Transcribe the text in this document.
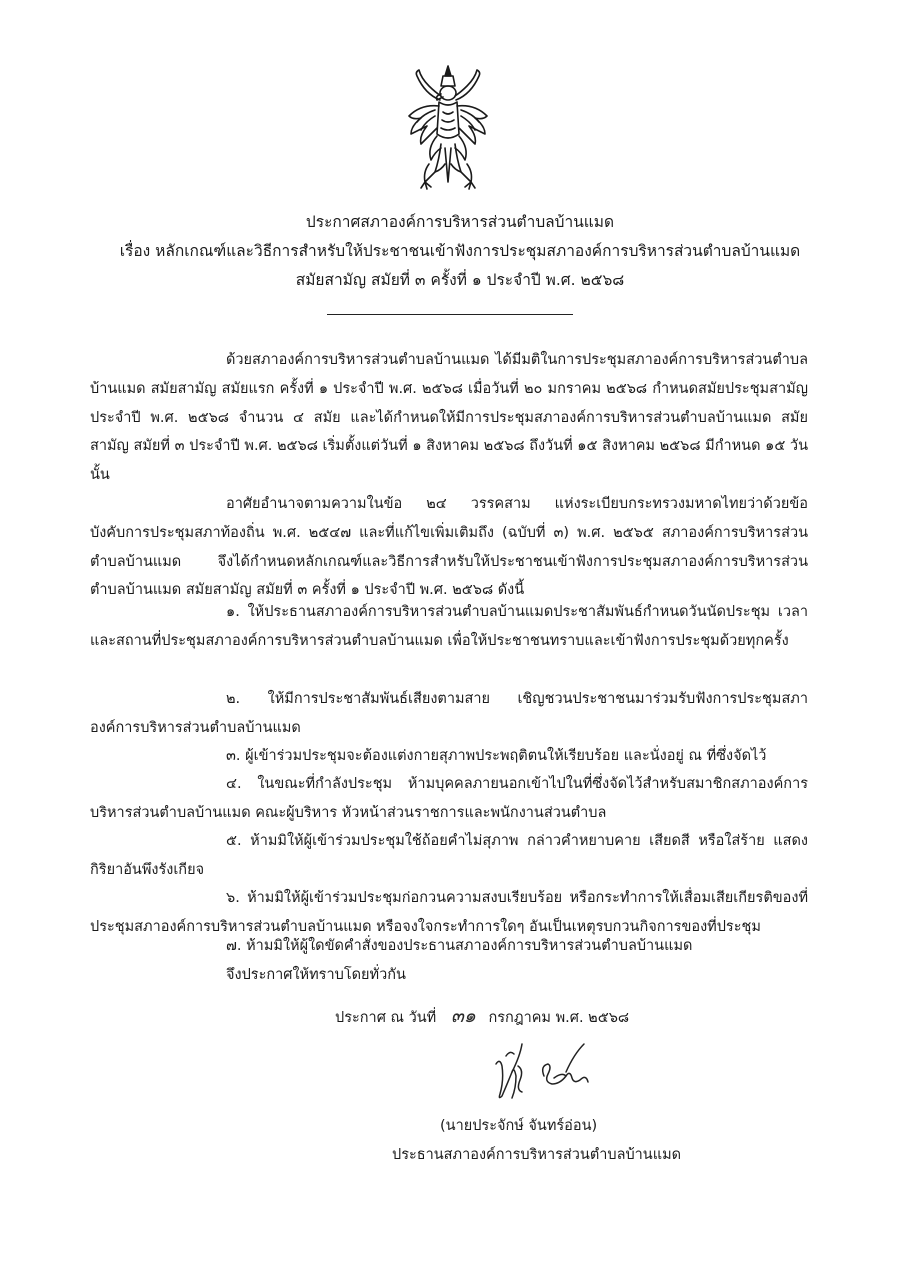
ประกาศสภาองค์การบริหารส่วนตำบลบ้านแมด
เรื่อง หลักเกณฑ์และวิธีการสำหรับให้ประชาชนเข้าฟังการประชุมสภาองค์การบริหารส่วนตำบลบ้านแมด
สมัยสามัญ สมัยที่ ๓ ครั้งที่ ๑ ประจำปี พ.ศ. ๒๕๖๘
ด้วยสภาองค์การบริหารส่วนตำบลบ้านแมด ได้มีมติในการประชุมสภาองค์การบริหารส่วนตำบลบ้านแมด สมัยสามัญ สมัยแรก ครั้งที่ ๑ ประจำปี พ.ศ. ๒๕๖๘ เมื่อวันที่ ๒๐ มกราคม ๒๕๖๘ กำหนดสมัยประชุมสามัญ ประจำปี พ.ศ. ๒๕๖๘ จำนวน ๔ สมัย และได้กำหนดให้มีการประชุมสภาองค์การบริหารส่วนตำบลบ้านแมด สมัยสามัญ สมัยที่ ๓ ประจำปี พ.ศ. ๒๕๖๘ เริ่มตั้งแต่วันที่ ๑ สิงหาคม ๒๕๖๘ ถึงวันที่ ๑๕ สิงหาคม ๒๕๖๘ มีกำหนด ๑๕ วัน นั้น
อาศัยอำนาจตามความในข้อ ๒๔ วรรคสาม แห่งระเบียบกระทรวงมหาดไทยว่าด้วยข้อบังคับการประชุมสภาท้องถิ่น พ.ศ. ๒๕๔๗ และที่แก้ไขเพิ่มเติมถึง (ฉบับที่ ๓) พ.ศ. ๒๕๖๕ สภาองค์การบริหารส่วนตำบลบ้านแมด จึงได้กำหนดหลักเกณฑ์และวิธีการสำหรับให้ประชาชนเข้าฟังการประชุมสภาองค์การบริหารส่วนตำบลบ้านแมด สมัยสามัญ สมัยที่ ๓ ครั้งที่ ๑ ประจำปี พ.ศ. ๒๕๖๘ ดังนี้
๑. ให้ประธานสภาองค์การบริหารส่วนตำบลบ้านแมดประชาสัมพันธ์กำหนดวันนัดประชุม เวลา และสถานที่ประชุมสภาองค์การบริหารส่วนตำบลบ้านแมด เพื่อให้ประชาชนทราบและเข้าฟังการประชุมด้วยทุกครั้ง
๒. ให้มีการประชาสัมพันธ์เสียงตามสาย เชิญชวนประชาชนมาร่วมรับฟังการประชุมสภาองค์การบริหารส่วนตำบลบ้านแมด
๓. ผู้เข้าร่วมประชุมจะต้องแต่งกายสุภาพประพฤติตนให้เรียบร้อย และนั่งอยู่ ณ ที่ซึ่งจัดไว้
๔. ในขณะที่กำลังประชุม ห้ามบุคคลภายนอกเข้าไปในที่ซึ่งจัดไว้สำหรับสมาชิกสภาองค์การบริหารส่วนตำบลบ้านแมด คณะผู้บริหาร หัวหน้าส่วนราชการและพนักงานส่วนตำบล
๕. ห้ามมิให้ผู้เข้าร่วมประชุมใช้ถ้อยคำไม่สุภาพ กล่าวคำหยาบคาย เสียดสี หรือใส่ร้าย แสดงกิริยาอันพึงรังเกียจ
๖. ห้ามมิให้ผู้เข้าร่วมประชุมก่อกวนความสงบเรียบร้อย หรือกระทำการให้เสื่อมเสียเกียรติของที่ประชุมสภาองค์การบริหารส่วนตำบลบ้านแมด หรือจงใจกระทำการใดๆ อันเป็นเหตุรบกวนกิจการของที่ประชุม
๗. ห้ามมิให้ผู้ใดขัดคำสั่งของประธานสภาองค์การบริหารส่วนตำบลบ้านแมด
จึงประกาศให้ทราบโดยทั่วกัน
ประกาศ ณ วันที่ ๓๑ กรกฎาคม พ.ศ. ๒๕๖๘
(นายประจักษ์ จันทร์อ่อน)
ประธานสภาองค์การบริหารส่วนตำบลบ้านแมด
